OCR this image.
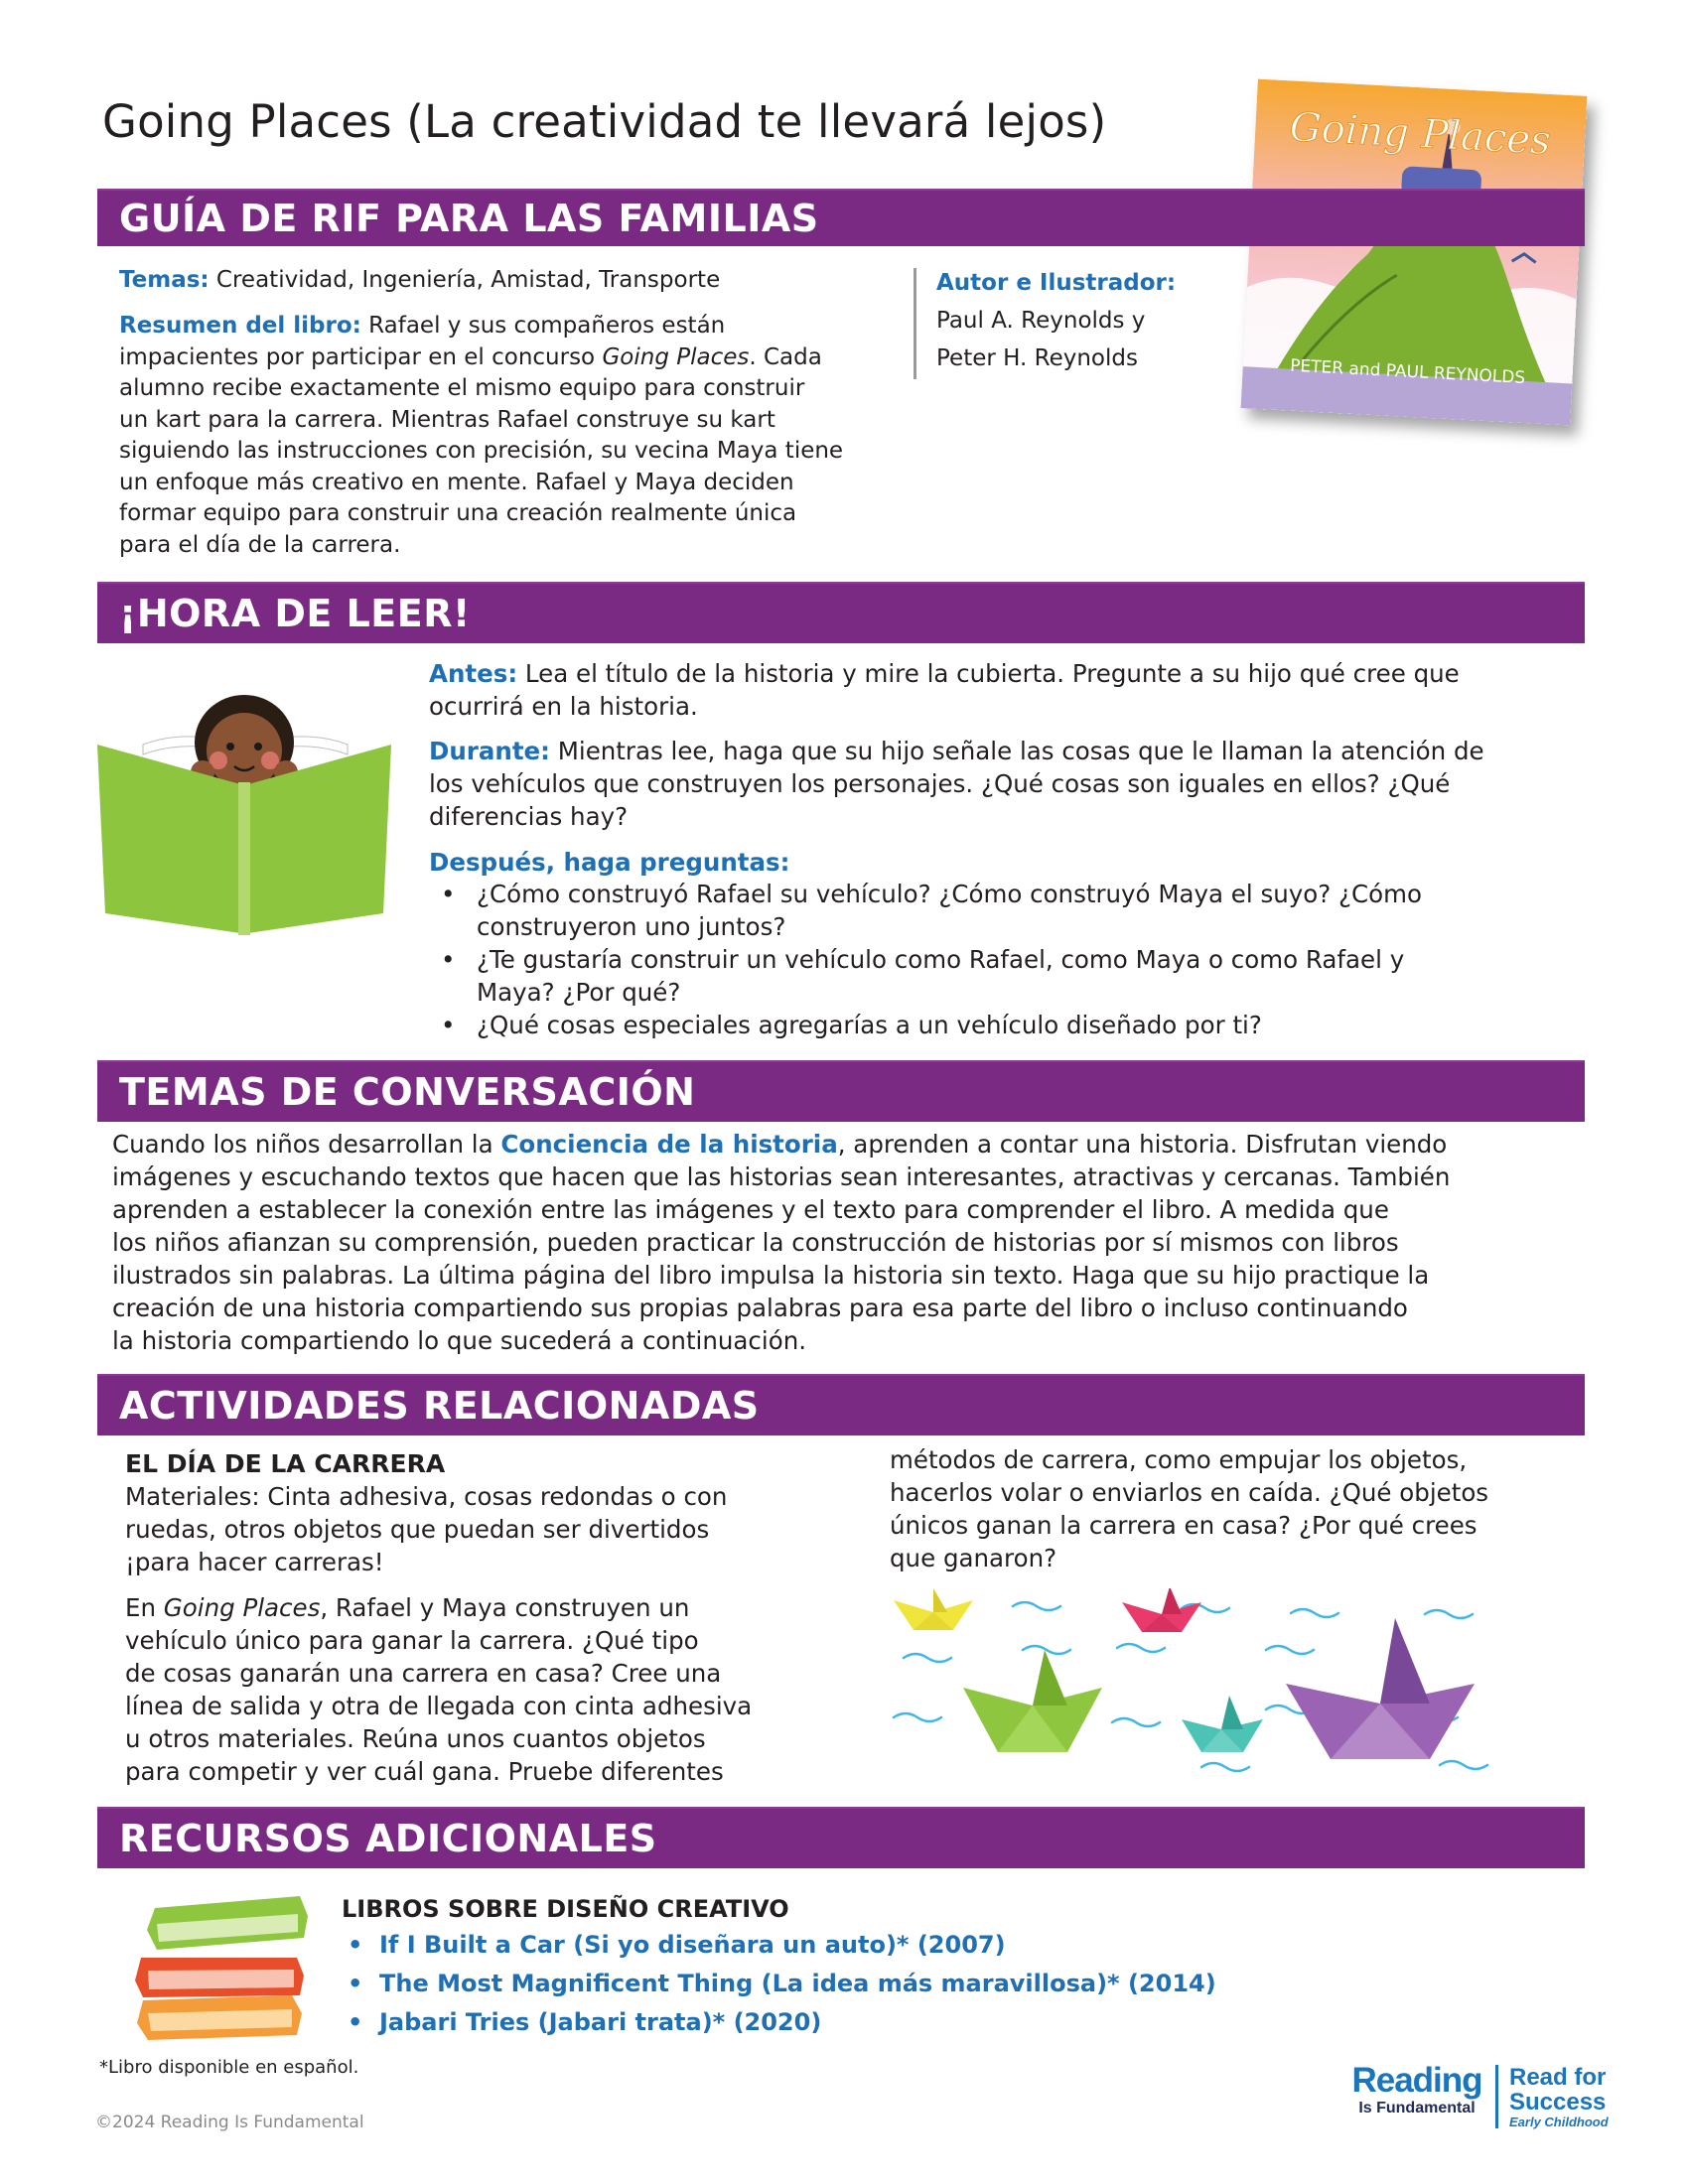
Going Places (La creatividad te llevará lejos)	Going Places
PETER and PAUL REYNOLDS
GUÍA DE RIF PARA LAS FAMILIAS
Temas: Creatividad, Ingeniería, Amistad, Transporte
Resumen del libro: Rafael y sus compañeros están
impacientes por participar en el concurso Going Places. Cada
alumno recibe exactamente el mismo equipo para construir
un kart para la carrera. Mientras Rafael construye su kart
siguiendo las instrucciones con precisión, su vecina Maya tiene
un enfoque más creativo en mente. Rafael y Maya deciden
formar equipo para construir una creación realmente única
para el día de la carrera.
Autor e Ilustrador:
Paul A. Reynolds y
Peter H. Reynolds
¡HORA DE LEER!
Antes: Lea el título de la historia y mire la cubierta. Pregunte a su hijo qué cree que
ocurrirá en la historia.
Durante: Mientras lee, haga que su hijo señale las cosas que le llaman la atención de
los vehículos que construyen los personajes. ¿Qué cosas son iguales en ellos? ¿Qué
diferencias hay?
Después, haga preguntas:
• ¿Cómo construyó Rafael su vehículo? ¿Cómo construyó Maya el suyo? ¿Cómo
construyeron uno juntos?
• ¿Te gustaría construir un vehículo como Rafael, como Maya o como Rafael y
Maya? ¿Por qué?
• ¿Qué cosas especiales agregarías a un vehículo diseñado por ti?
TEMAS DE CONVERSACIÓN
Cuando los niños desarrollan la Conciencia de la historia, aprenden a contar una historia. Disfrutan viendo
imágenes y escuchando textos que hacen que las historias sean interesantes, atractivas y cercanas. También
aprenden a establecer la conexión entre las imágenes y el texto para comprender el libro. A medida que
los niños afianzan su comprensión, pueden practicar la construcción de historias por sí mismos con libros
ilustrados sin palabras. La última página del libro impulsa la historia sin texto. Haga que su hijo practique la
creación de una historia compartiendo sus propias palabras para esa parte del libro o incluso continuando
la historia compartiendo lo que sucederá a continuación.
ACTIVIDADES RELACIONADAS
EL DÍA DE LA CARRERA
Materiales: Cinta adhesiva, cosas redondas o con
ruedas, otros objetos que puedan ser divertidos
¡para hacer carreras!
En Going Places, Rafael y Maya construyen un
vehículo único para ganar la carrera. ¿Qué tipo
de cosas ganarán una carrera en casa? Cree una
línea de salida y otra de llegada con cinta adhesiva
u otros materiales. Reúna unos cuantos objetos
para competir y ver cuál gana. Pruebe diferentes
métodos de carrera, como empujar los objetos,
hacerlos volar o enviarlos en caída. ¿Qué objetos
únicos ganan la carrera en casa? ¿Por qué crees
que ganaron?
RECURSOS ADICIONALES
LIBROS SOBRE DISEÑO CREATIVO
• If I Built a Car (Si yo diseñara un auto)* (2007)
• The Most Magnificent Thing (La idea más maravillosa)* (2014)
• Jabari Tries (Jabari trata)* (2020)
*Libro disponible en español.
©2024 Reading Is Fundamental
Reading
Is Fundamental
Read for
Success
Early Childhood
